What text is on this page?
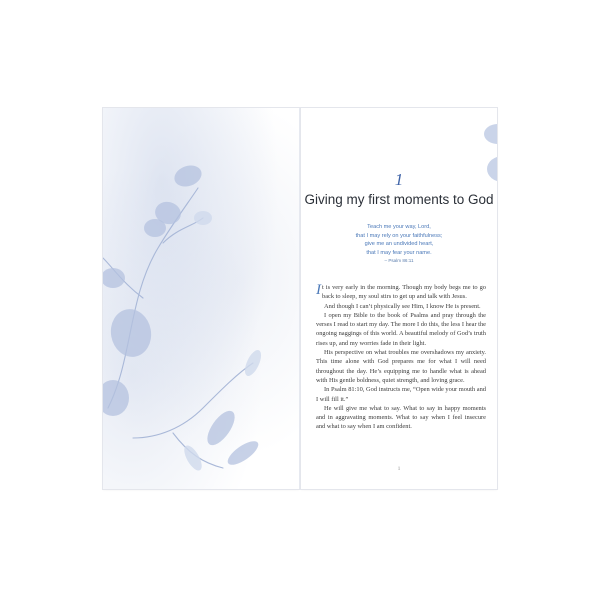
1
Giving my first moments to God
Teach me your way, Lord,
that I may rely on your faithfulness;
give me an undivided heart,
that I may fear your name.
– Psalm 86:11

It is very early in the morning. Though my body begs me to go back to sleep, my soul stirs to get up and talk with Jesus.

And though I can’t physically see Him, I know He is present.

I open my Bible to the book of Psalms and pray through the verses I read to start my day. The more I do this, the less I hear the ongoing naggings of this world. A beautiful melody of God’s truth rises up, and my worries fade in their light.

His perspective on what troubles me overshadows my anxiety. This time alone with God prepares me for what I will need throughout the day. He’s equipping me to handle what is ahead with His gentle boldness, quiet strength, and loving grace.

In Psalm 81:10, God instructs me, “Open wide your mouth and I will fill it.”

He will give me what to say. What to say in happy moments and in aggravating moments. What to say when I feel insecure and what to say when I am confident.

1
